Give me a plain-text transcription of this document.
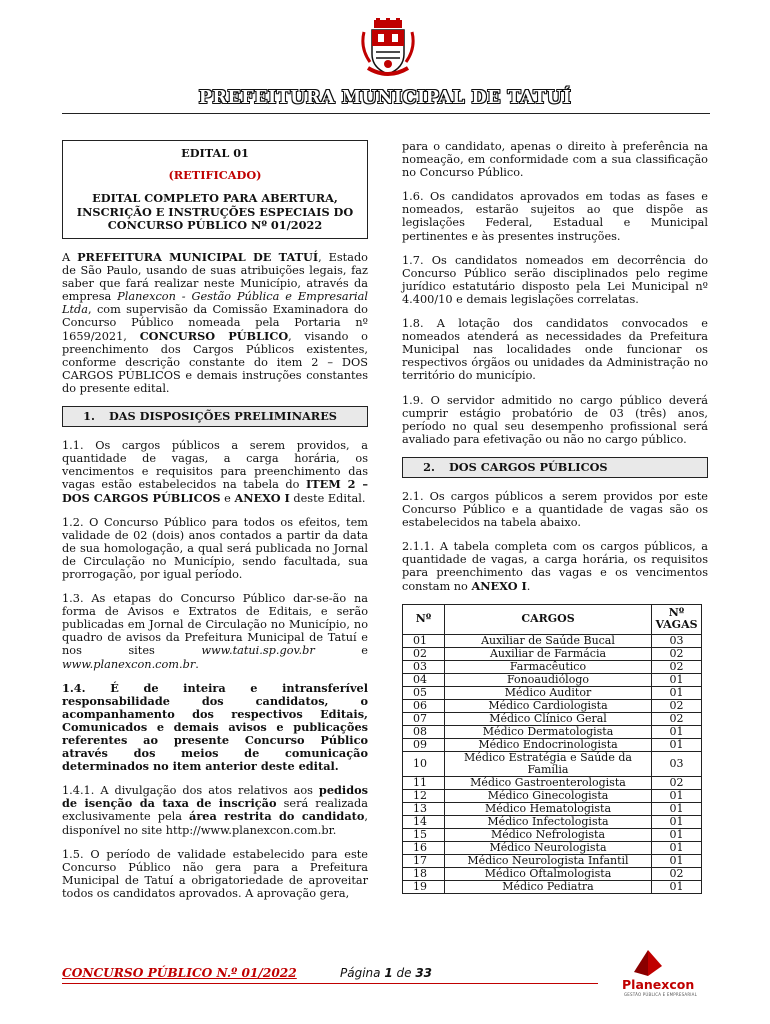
PREFEITURA MUNICIPAL DE TATUÍ
EDITAL 01
(RETIFICADO)
EDITAL COMPLETO PARA ABERTURA, INSCRIÇÃO E INSTRUÇÕES ESPECIAIS DO CONCURSO PÚBLICO Nº 01/2022

A PREFEITURA MUNICIPAL DE TATUÍ, Estado de São Paulo, usando de suas atribuições legais, faz saber que fará realizar neste Município, através da empresa Planexcon - Gestão Pública e Empresarial Ltda, com supervisão da Comissão Examinadora do Concurso Público nomeada pela Portaria nº 1659/2021, CONCURSO PÚBLICO, visando o preenchimento dos Cargos Públicos existentes, conforme descrição constante do item 2 – DOS CARGOS PÚBLICOS e demais instruções constantes do presente edital.

1.	DAS DISPOSIÇÕES PRELIMINARES

1.1. Os cargos públicos a serem providos, a quantidade de vagas, a carga horária, os vencimentos e requisitos para preenchimento das vagas estão estabelecidos na tabela do ITEM 2 – DOS CARGOS PÚBLICOS e ANEXO I deste Edital.

1.2. O Concurso Público para todos os efeitos, tem validade de 02 (dois) anos contados a partir da data de sua homologação, a qual será publicada no Jornal de Circulação no Município, sendo facultada, sua prorrogação, por igual período.

1.3. As etapas do Concurso Público dar-se-ão na forma de Avisos e Extratos de Editais, e serão publicadas em Jornal de Circulação no Município, no quadro de avisos da Prefeitura Municipal de Tatuí e nos sites www.tatui.sp.gov.br e www.planexcon.com.br.

1.4. É de inteira e intransferível responsabilidade dos candidatos, o acompanhamento dos respectivos Editais, Comunicados e demais avisos e publicações referentes ao presente Concurso Público através dos meios de comunicação determinados no item anterior deste edital.

1.4.1. A divulgação dos atos relativos aos pedidos de isenção da taxa de inscrição será realizada exclusivamente pela área restrita do candidato, disponível no site http://www.planexcon.com.br.

1.5. O período de validade estabelecido para este Concurso Público não gera para a Prefeitura Municipal de Tatuí a obrigatoriedade de aproveitar todos os candidatos aprovados. A aprovação gera,

para o candidato, apenas o direito à preferência na nomeação, em conformidade com a sua classificação no Concurso Público.

1.6. Os candidatos aprovados em todas as fases e nomeados, estarão sujeitos ao que dispõe as legislações Federal, Estadual e Municipal pertinentes e às presentes instruções.

1.7. Os candidatos nomeados em decorrência do Concurso Público serão disciplinados pelo regime jurídico estatutário disposto pela Lei Municipal nº 4.400/10 e demais legislações correlatas.

1.8. A lotação dos candidatos convocados e nomeados atenderá as necessidades da Prefeitura Municipal nas localidades onde funcionar os respectivos órgãos ou unidades da Administração no território do município.

1.9. O servidor admitido no cargo público deverá cumprir estágio probatório de 03 (três) anos, período no qual seu desempenho profissional será avaliado para efetivação ou não no cargo público.

2.	DOS CARGOS PÚBLICOS

2.1. Os cargos públicos a serem providos por este Concurso Público e a quantidade de vagas são os estabelecidos na tabela abaixo.

2.1.1. A tabela completa com os cargos públicos, a quantidade de vagas, a carga horária, os requisitos para preenchimento das vagas e os vencimentos constam no ANEXO I.

Nº	CARGOS	Nº VAGAS
01	Auxiliar de Saúde Bucal	03
02	Auxiliar de Farmácia	02
03	Farmacêutico	02
04	Fonoaudiólogo	01
05	Médico Auditor	01
06	Médico Cardiologista	02
07	Médico Clínico Geral	02
08	Médico Dermatologista	01
09	Médico Endocrinologista	01
10	Médico Estratégia e Saúde da Família	03
11	Médico Gastroenterologista	02
12	Médico Ginecologista	01
13	Médico Hematologista	01
14	Médico Infectologista	01
15	Médico Nefrologista	01
16	Médico Neurologista	01
17	Médico Neurologista Infantil	01
18	Médico Oftalmologista	02
19	Médico Pediatra	01
CONCURSO PÚBLICO N.º 01/2022	Página 1 de 33
Planexcon
GESTÃO PÚBLICA E EMPRESARIAL
